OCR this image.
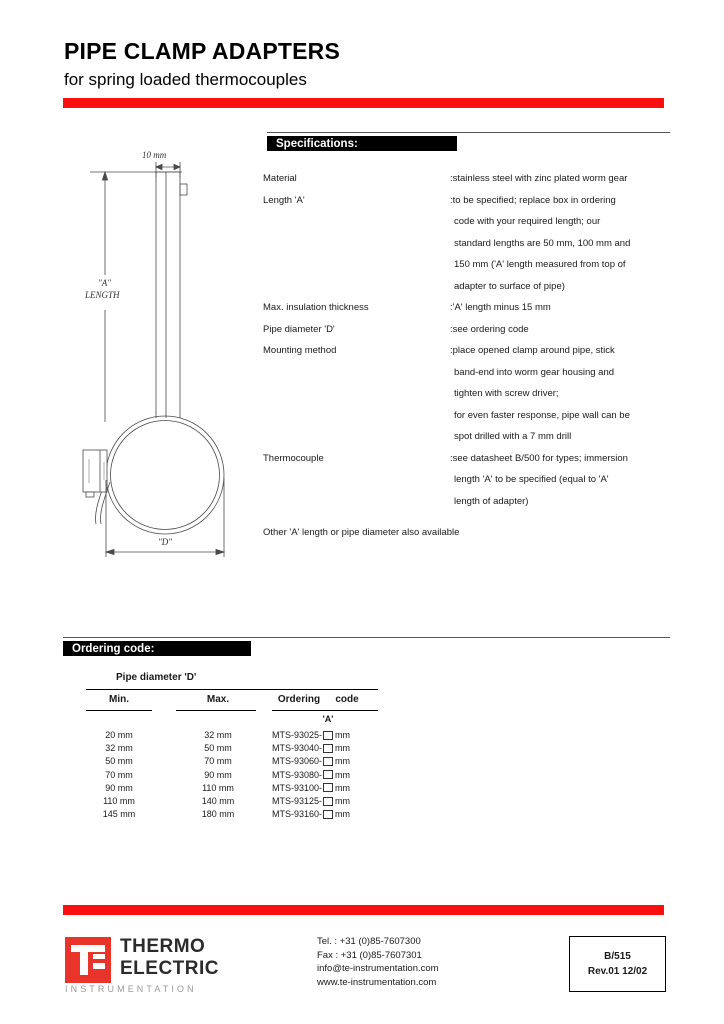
PIPE CLAMP ADAPTERS
for spring loaded thermocouples
Specifications:
Material	:stainless steel with zinc plated worm gear
Length 'A'	:to be specified; replace box in ordering
code with your required length; our
standard lengths are 50 mm, 100 mm and
150 mm ('A' length measured from top of
adapter to surface of pipe)
Max. insulation thickness	:'A' length minus 15 mm
Pipe diameter 'D'	:see ordering code
Mounting method	:place opened clamp around pipe, stick
band-end into worm gear housing and
tighten with screw driver;
for even faster response, pipe wall can be
spot drilled with a 7 mm drill
Thermocouple	:see datasheet B/500 for types; immersion
length 'A' to be specified (equal to 'A'
length of adapter)
Other 'A' length or pipe diameter also available
10 mm
"A"
LENGTH
"D"
Ordering code:
Pipe diameter 'D'
Min.	Max.	Ordering	code
'A'
20 mm	32 mm	MTS-93025- mm
32 mm	50 mm	MTS-93040- mm
50 mm	70 mm	MTS-93060- mm
70 mm	90 mm	MTS-93080- mm
90 mm	110 mm	MTS-93100- mm
110 mm	140 mm	MTS-93125- mm
145 mm	180 mm	MTS-93160- mm
THERMO
ELECTRIC
INSTRUMENTATION
Tel. : +31 (0)85-7607300
Fax : +31 (0)85-7607301
info@te-instrumentation.com
www.te-instrumentation.com
B/515
Rev.01 12/02
